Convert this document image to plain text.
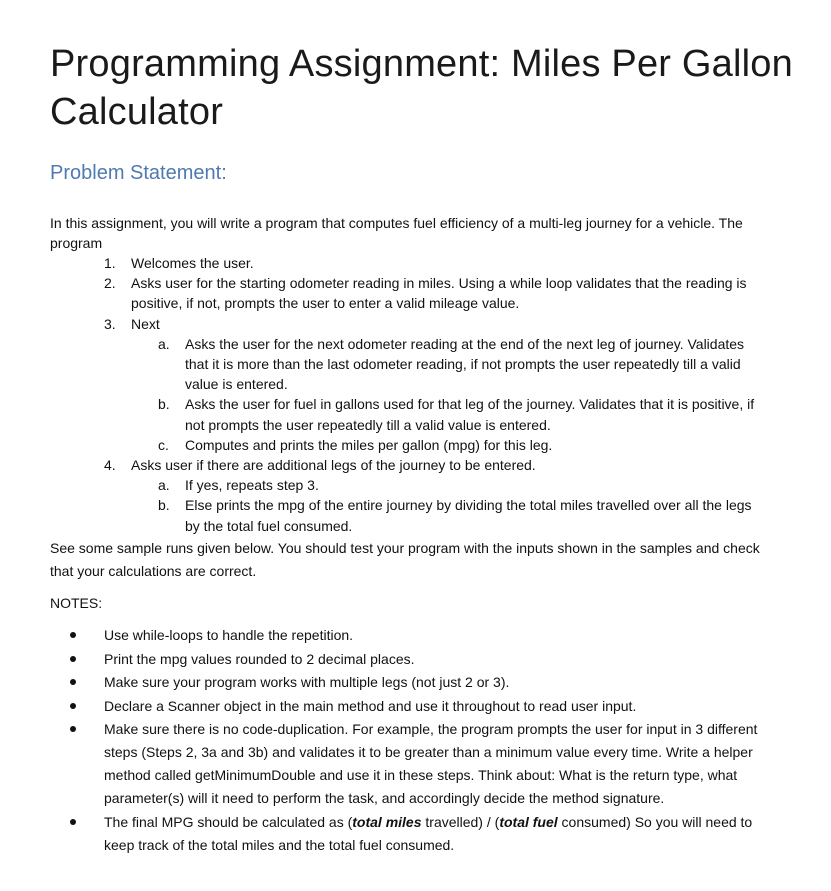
Programming Assignment: Miles Per Gallon Calculator
Problem Statement:

In this assignment, you will write a program that computes fuel efficiency of a multi-leg journey for a vehicle. The program

1. Welcomes the user.
2. Asks user for the starting odometer reading in miles. Using a while loop validates that the reading is positive, if not, prompts the user to enter a valid mileage value.
3. Next
a. Asks the user for the next odometer reading at the end of the next leg of journey. Validates that it is more than the last odometer reading, if not prompts the user repeatedly till a valid value is entered.
b. Asks the user for fuel in gallons used for that leg of the journey. Validates that it is positive, if not prompts the user repeatedly till a valid value is entered.
c. Computes and prints the miles per gallon (mpg) for this leg.
4. Asks user if there are additional legs of the journey to be entered.
a. If yes, repeats step 3.
b. Else prints the mpg of the entire journey by dividing the total miles travelled over all the legs by the total fuel consumed.

See some sample runs given below. You should test your program with the inputs shown in the samples and check that your calculations are correct.

NOTES:

Use while-loops to handle the repetition.
Print the mpg values rounded to 2 decimal places.
Make sure your program works with multiple legs (not just 2 or 3).
Declare a Scanner object in the main method and use it throughout to read user input.
Make sure there is no code-duplication. For example, the program prompts the user for input in 3 different steps (Steps 2, 3a and 3b) and validates it to be greater than a minimum value every time. Write a helper method called getMinimumDouble and use it in these steps. Think about: What is the return type, what parameter(s) will it need to perform the task, and accordingly decide the method signature.
The final MPG should be calculated as (total miles travelled) / (total fuel consumed) So you will need to keep track of the total miles and the total fuel consumed.
